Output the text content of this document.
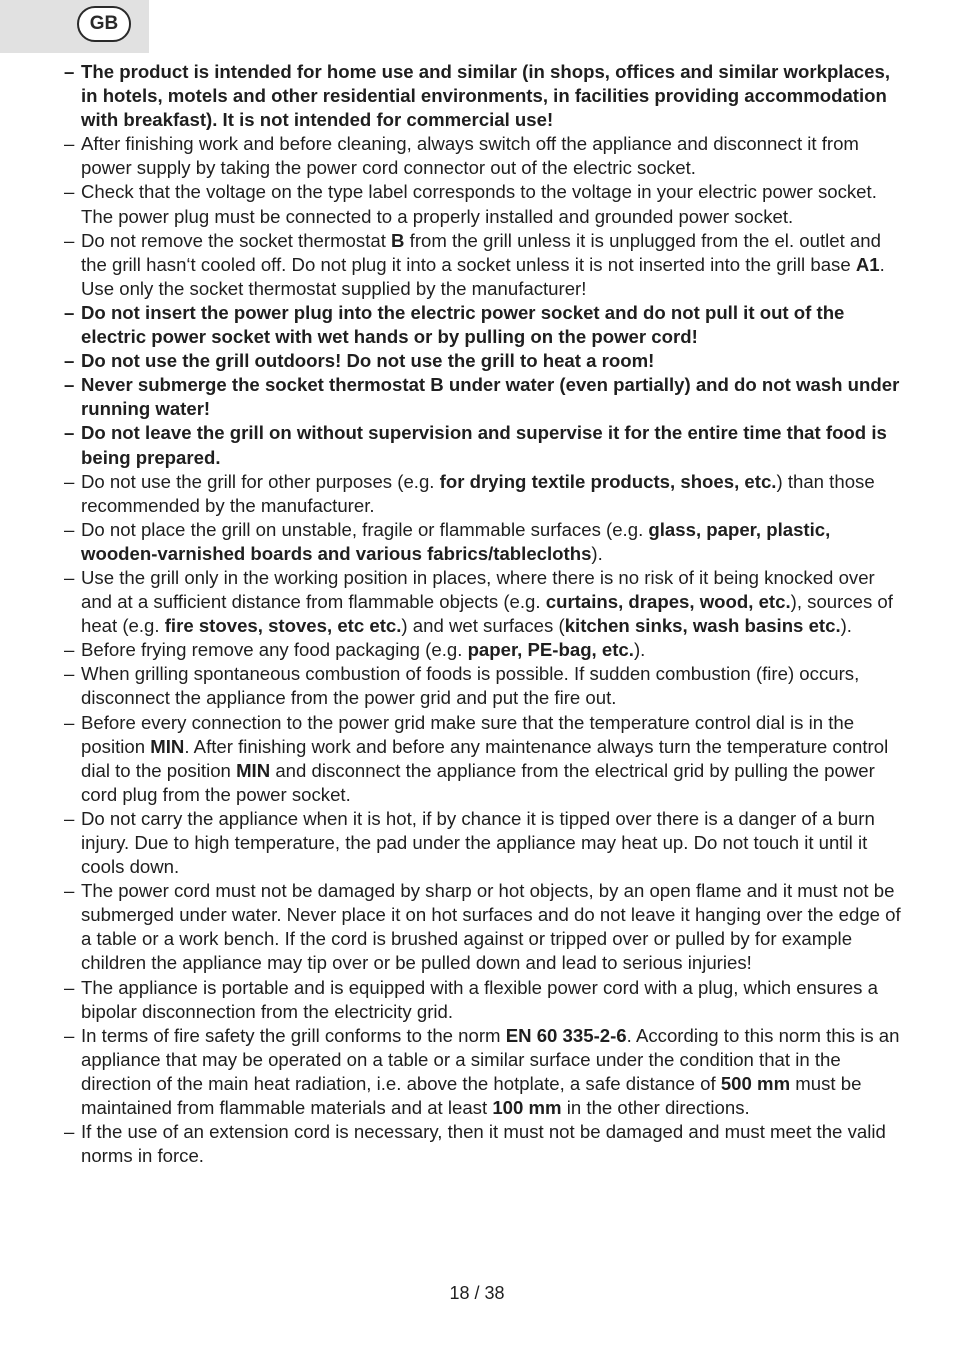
GB

– The product is intended for home use and similar (in shops, offices and similar workplaces, in hotels, motels and other residential environments, in facilities providing accommodation with breakfast). It is not intended for commercial use!

– After finishing work and before cleaning, always switch off the appliance and disconnect it from power supply by taking the power cord connector out of the electric socket.

– Check that the voltage on the type label corresponds to the voltage in your electric power socket. The power plug must be connected to a properly installed and grounded power socket.

– Do not remove the socket thermostat B from the grill unless it is unplugged from the el. outlet and the grill hasn‘t cooled off. Do not plug it into a socket unless it is not inserted into the grill base A1. Use only the socket thermostat supplied by the manufacturer!

– Do not insert the power plug into the electric power socket and do not pull it out of the electric power socket with wet hands or by pulling on the power cord!

– Do not use the grill outdoors! Do not use the grill to heat a room!

– Never submerge the socket thermostat B under water (even partially) and do not wash under running water!

– Do not leave the grill on without supervision and supervise it for the entire time that food is being prepared.

– Do not use the grill for other purposes (e.g. for drying textile products, shoes, etc.) than those recommended by the manufacturer.

– Do not place the grill on unstable, fragile or flammable surfaces (e.g. glass, paper, plastic, wooden-varnished boards and various fabrics/tablecloths).

– Use the grill only in the working position in places, where there is no risk of it being knocked over and at a sufficient distance from flammable objects (e.g. curtains, drapes, wood, etc.), sources of heat (e.g. fire stoves, stoves, etc etc.) and wet surfaces (kitchen sinks, wash basins etc.).

– Before frying remove any food packaging (e.g. paper, PE-bag, etc.).

– When grilling spontaneous combustion of foods is possible. If sudden combustion (fire) occurs, disconnect the appliance from the power grid and put the fire out.

– Before every connection to the power grid make sure that the temperature control dial is in the position MIN. After finishing work and before any maintenance always turn the temperature control dial to the position MIN and disconnect the appliance from the electrical grid by pulling the power cord plug from the power socket.

– Do not carry the appliance when it is hot, if by chance it is tipped over there is a danger of a burn injury. Due to high temperature, the pad under the appliance may heat up. Do not touch it until it cools down.

– The power cord must not be damaged by sharp or hot objects, by an open flame and it must not be submerged under water. Never place it on hot surfaces and do not leave it hanging over the edge of a table or a work bench. If the cord is brushed against or tripped over or pulled by for example children the appliance may tip over or be pulled down and lead to serious injuries!

– The appliance is portable and is equipped with a flexible power cord with a plug, which ensures a bipolar disconnection from the electricity grid.

– In terms of fire safety the grill conforms to the norm EN 60 335-2-6. According to this norm this is an appliance that may be operated on a table or a similar surface under the condition that in the direction of the main heat radiation, i.e. above the hotplate, a safe distance of 500 mm must be maintained from flammable materials and at least 100 mm in the other directions.

– If the use of an extension cord is necessary, then it must not be damaged and must meet the valid norms in force.

18 / 38
